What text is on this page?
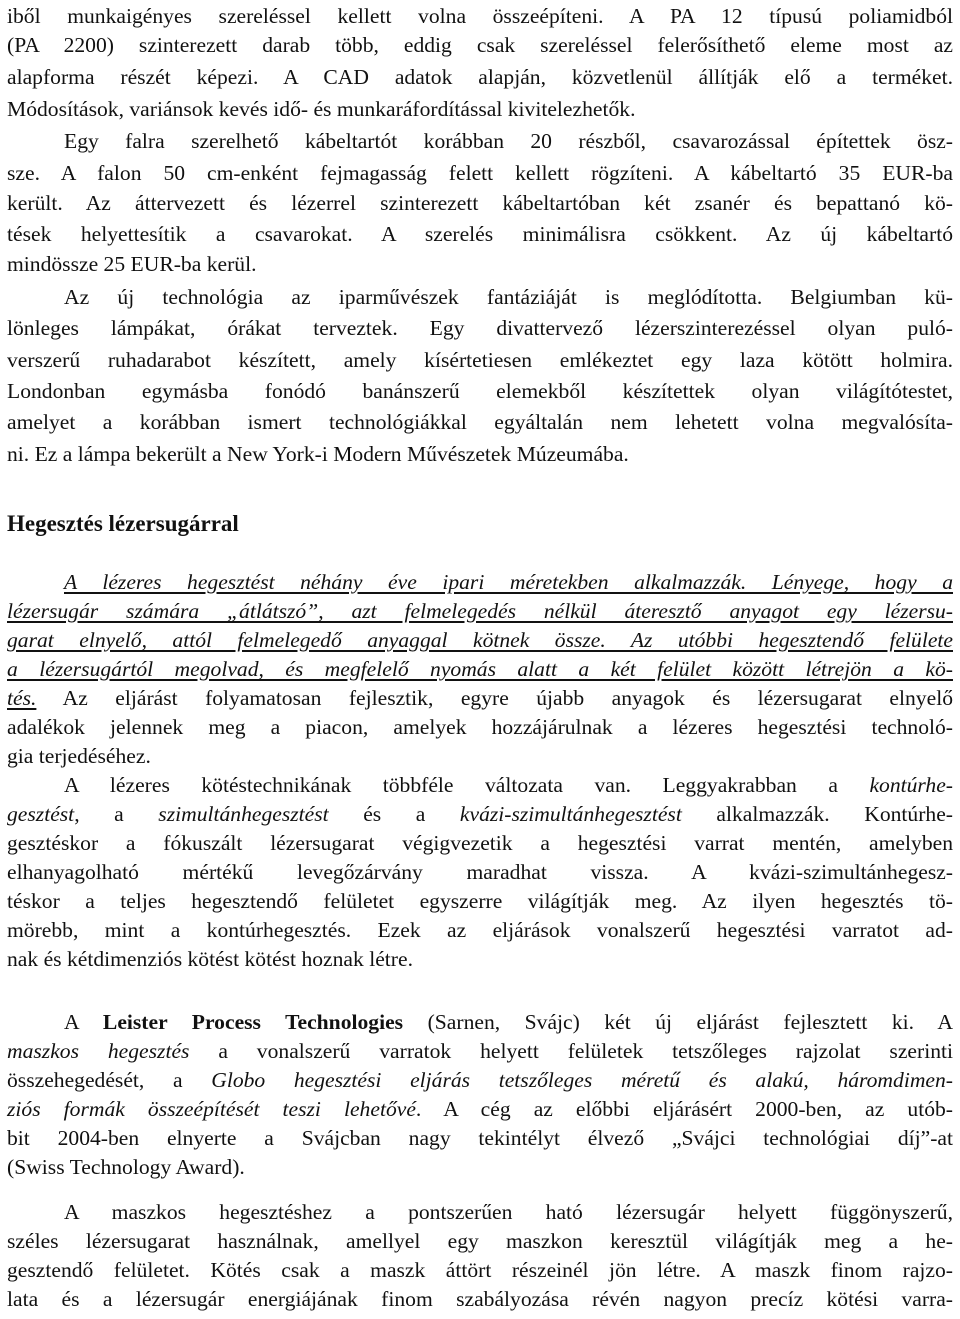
iből munkaigényes szereléssel kellett volna összeépíteni. A PA 12 típusú poliamidból
(PA 2200) szinterezett darab több, eddig csak szereléssel felerősíthető eleme most az
alapforma részét képezi. A CAD adatok alapján, közvetlenül állítják elő a terméket.
Módosítások, variánsok kevés idő- és munkaráfordítással kivitelezhetők.
Egy falra szerelhető kábeltartót korábban 20 részből, csavarozással építettek ösz-
sze. A falon 50 cm-enként fejmagasság felett kellett rögzíteni. A kábeltartó 35 EUR-ba
került. Az áttervezett és lézerrel szinterezett kábeltartóban két zsanér és bepattanó kö-
tések helyettesítik a csavarokat. A szerelés minimálisra csökkent. Az új kábeltartó
mindössze 25 EUR-ba kerül.
Az új technológia az iparművészek fantáziáját is meglódította. Belgiumban kü-
lönleges lámpákat, órákat terveztek. Egy divattervező lézerszinterezéssel olyan puló-
verszerű ruhadarabot készített, amely kísértetiesen emlékeztet egy laza kötött holmira.
Londonban egymásba fonódó banánszerű elemekből készítettek olyan világítótestet,
amelyet a korábban ismert technológiákkal egyáltalán nem lehetett volna megvalósíta-
ni. Ez a lámpa bekerült a New York-i Modern Művészetek Múzeumába.
Hegesztés lézersugárral
A lézeres hegesztést néhány éve ipari méretekben alkalmazzák. Lényege, hogy a
lézersugár számára „átlátszó”, azt felmelegedés nélkül áteresztő anyagot egy lézersu-
garat elnyelő, attól felmelegedő anyaggal kötnek össze. Az utóbbi hegesztendő felülete
a lézersugártól megolvad, és megfelelő nyomás alatt a két felület között létrejön a kö-
tés. Az eljárást folyamatosan fejlesztik, egyre újabb anyagok és lézersugarat elnyelő
adalékok jelennek meg a piacon, amelyek hozzájárulnak a lézeres hegesztési technoló-
gia terjedéséhez.
A lézeres kötéstechnikának többféle változata van. Leggyakrabban a kontúrhe-
gesztést, a szimultánhegesztést és a kvázi-szimultánhegesztést alkalmazzák. Kontúrhe-
gesztéskor a fókuszált lézersugarat végigvezetik a hegesztési varrat mentén, amelyben
elhanyagolható mértékű levegőzárvány maradhat vissza. A kvázi-szimultánhegesz-
téskor a teljes hegesztendő felületet egyszerre világítják meg. Az ilyen hegesztés tö-
mörebb, mint a kontúrhegesztés. Ezek az eljárások vonalszerű hegesztési varratot ad-
nak és kétdimenziós kötést kötést hoznak létre.
A Leister Process Technologies (Sarnen, Svájc) két új eljárást fejlesztett ki. A
maszkos hegesztés a vonalszerű varratok helyett felületek tetszőleges rajzolat szerinti
összehegedését, a Globo hegesztési eljárás tetszőleges méretű és alakú, háromdimen-
ziós formák összeépítését teszi lehetővé. A cég az előbbi eljárásért 2000-ben, az utób-
bit 2004-ben elnyerte a Svájcban nagy tekintélyt élvező „Svájci technológiai díj”-at
(Swiss Technology Award).
A maszkos hegesztéshez a pontszerűen ható lézersugár helyett függönyszerű,
széles lézersugarat használnak, amellyel egy maszkon keresztül világítják meg a he-
gesztendő felületet. Kötés csak a maszk áttört részeinél jön létre. A maszk finom rajzo-
lata és a lézersugár energiájának finom szabályozása révén nagyon precíz kötési varra-
